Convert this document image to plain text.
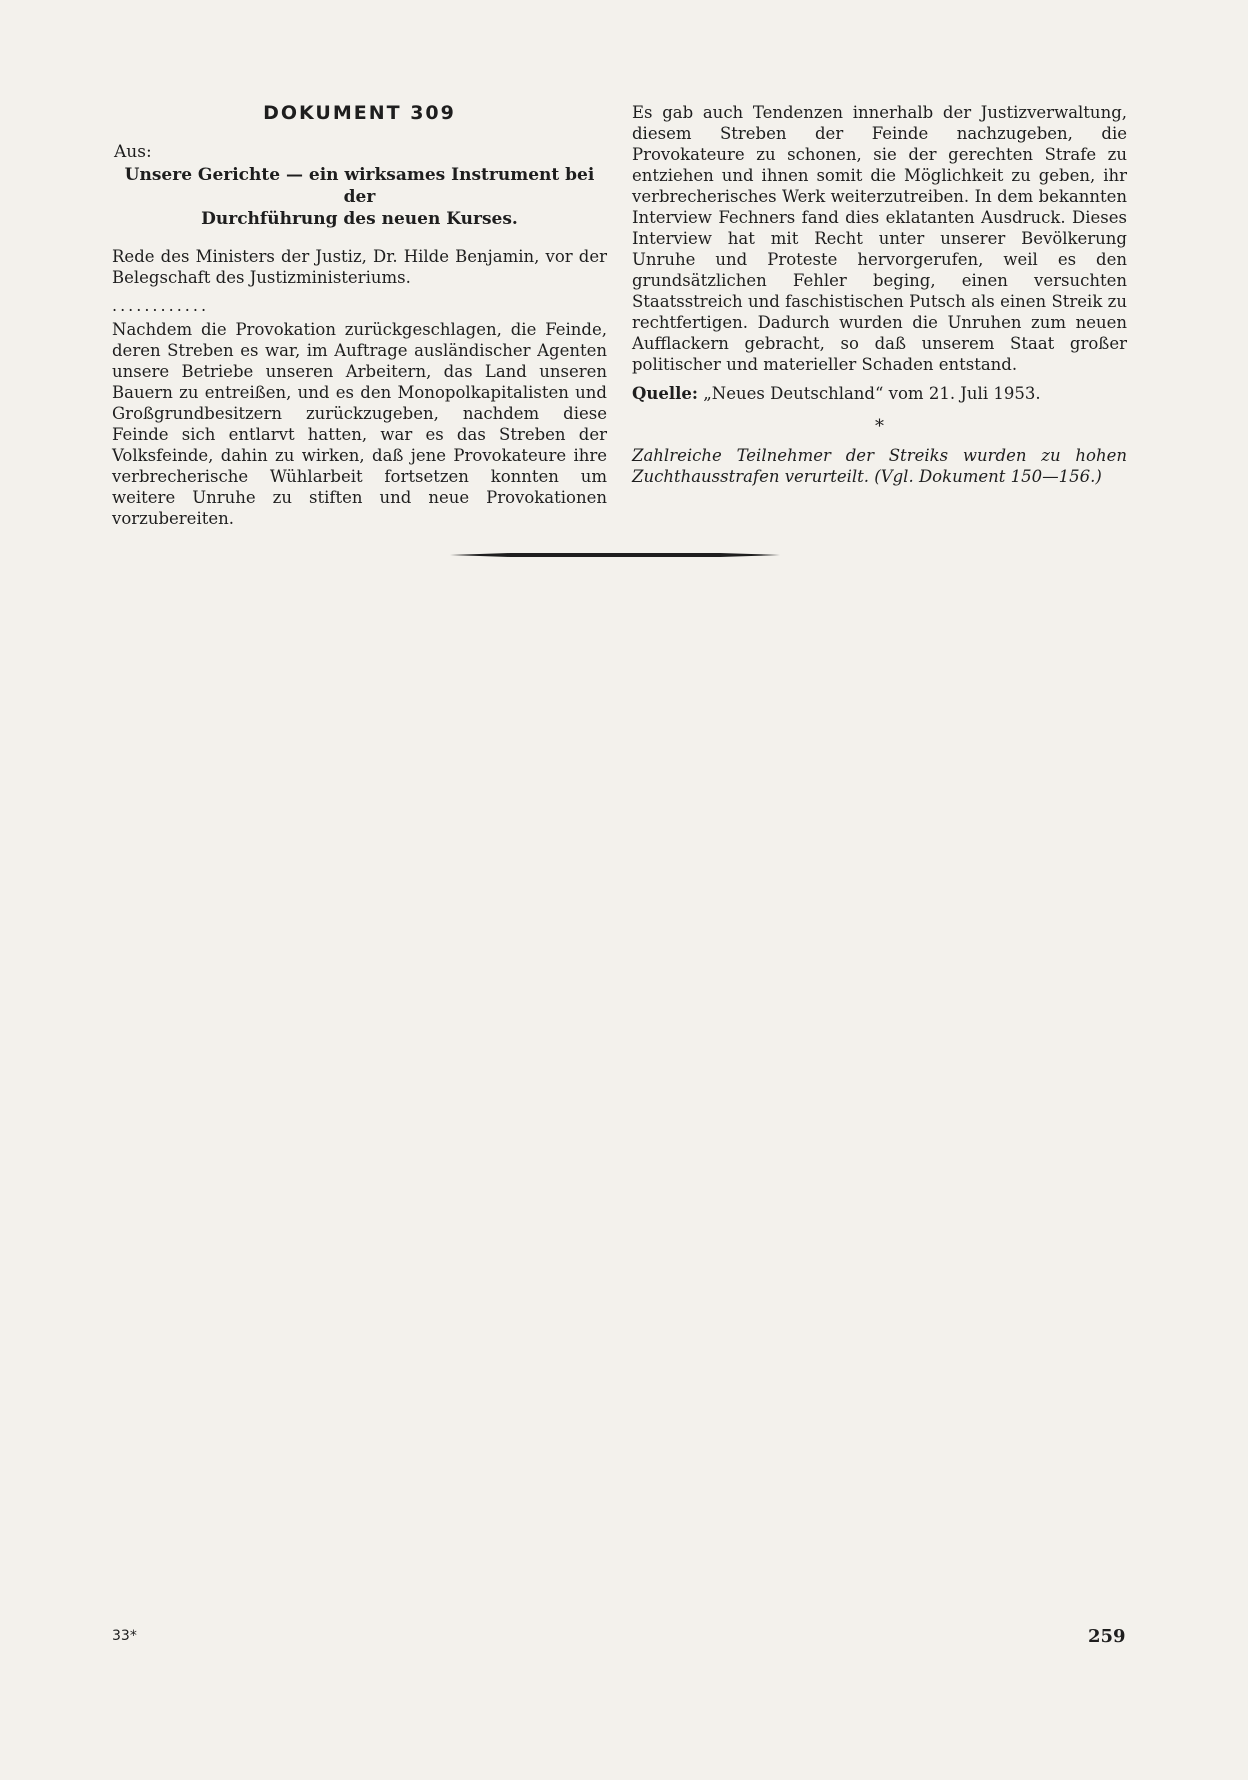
DOKUMENT 309
Aus:
Unsere Gerichte — ein wirksames Instrument bei der
Durchführung des neuen Kurses.

Rede des Ministers der Justiz, Dr. Hilde Benjamin, vor der Belegschaft des Justizministeriums.

............

Nachdem die Provokation zurückgeschlagen, die Feinde, deren Streben es war, im Auftrage ausländischer Agenten unsere Betriebe unseren Arbeitern, das Land unseren Bauern zu entreißen, und es den Monopolkapitalisten und Großgrundbesitzern zurückzugeben, nachdem diese Feinde sich entlarvt hatten, war es das Streben der Volksfeinde, dahin zu wirken, daß jene Provokateure ihre verbrecherische Wühlarbeit fortsetzen konnten um weitere Unruhe zu stiften und neue Provokationen vorzubereiten.

Es gab auch Tendenzen innerhalb der Justizverwaltung, diesem Streben der Feinde nachzugeben, die Provokateure zu schonen, sie der gerechten Strafe zu entziehen und ihnen somit die Möglichkeit zu geben, ihr verbrecherisches Werk weiterzutreiben. In dem bekannten Interview Fechners fand dies eklatanten Ausdruck. Dieses Interview hat mit Recht unter unserer Bevölkerung Unruhe und Proteste hervorgerufen, weil es den grundsätzlichen Fehler beging, einen versuchten Staatsstreich und faschistischen Putsch als einen Streik zu rechtfertigen. Dadurch wurden die Unruhen zum neuen Aufflackern gebracht, so daß unserem Staat großer politischer und materieller Schaden entstand.

Quelle: „Neues Deutschland“ vom 21. Juli 1953.

*

Zahlreiche Teilnehmer der Streiks wurden zu hohen Zuchthausstrafen verurteilt. (Vgl. Dokument 150—156.)

33*	259
